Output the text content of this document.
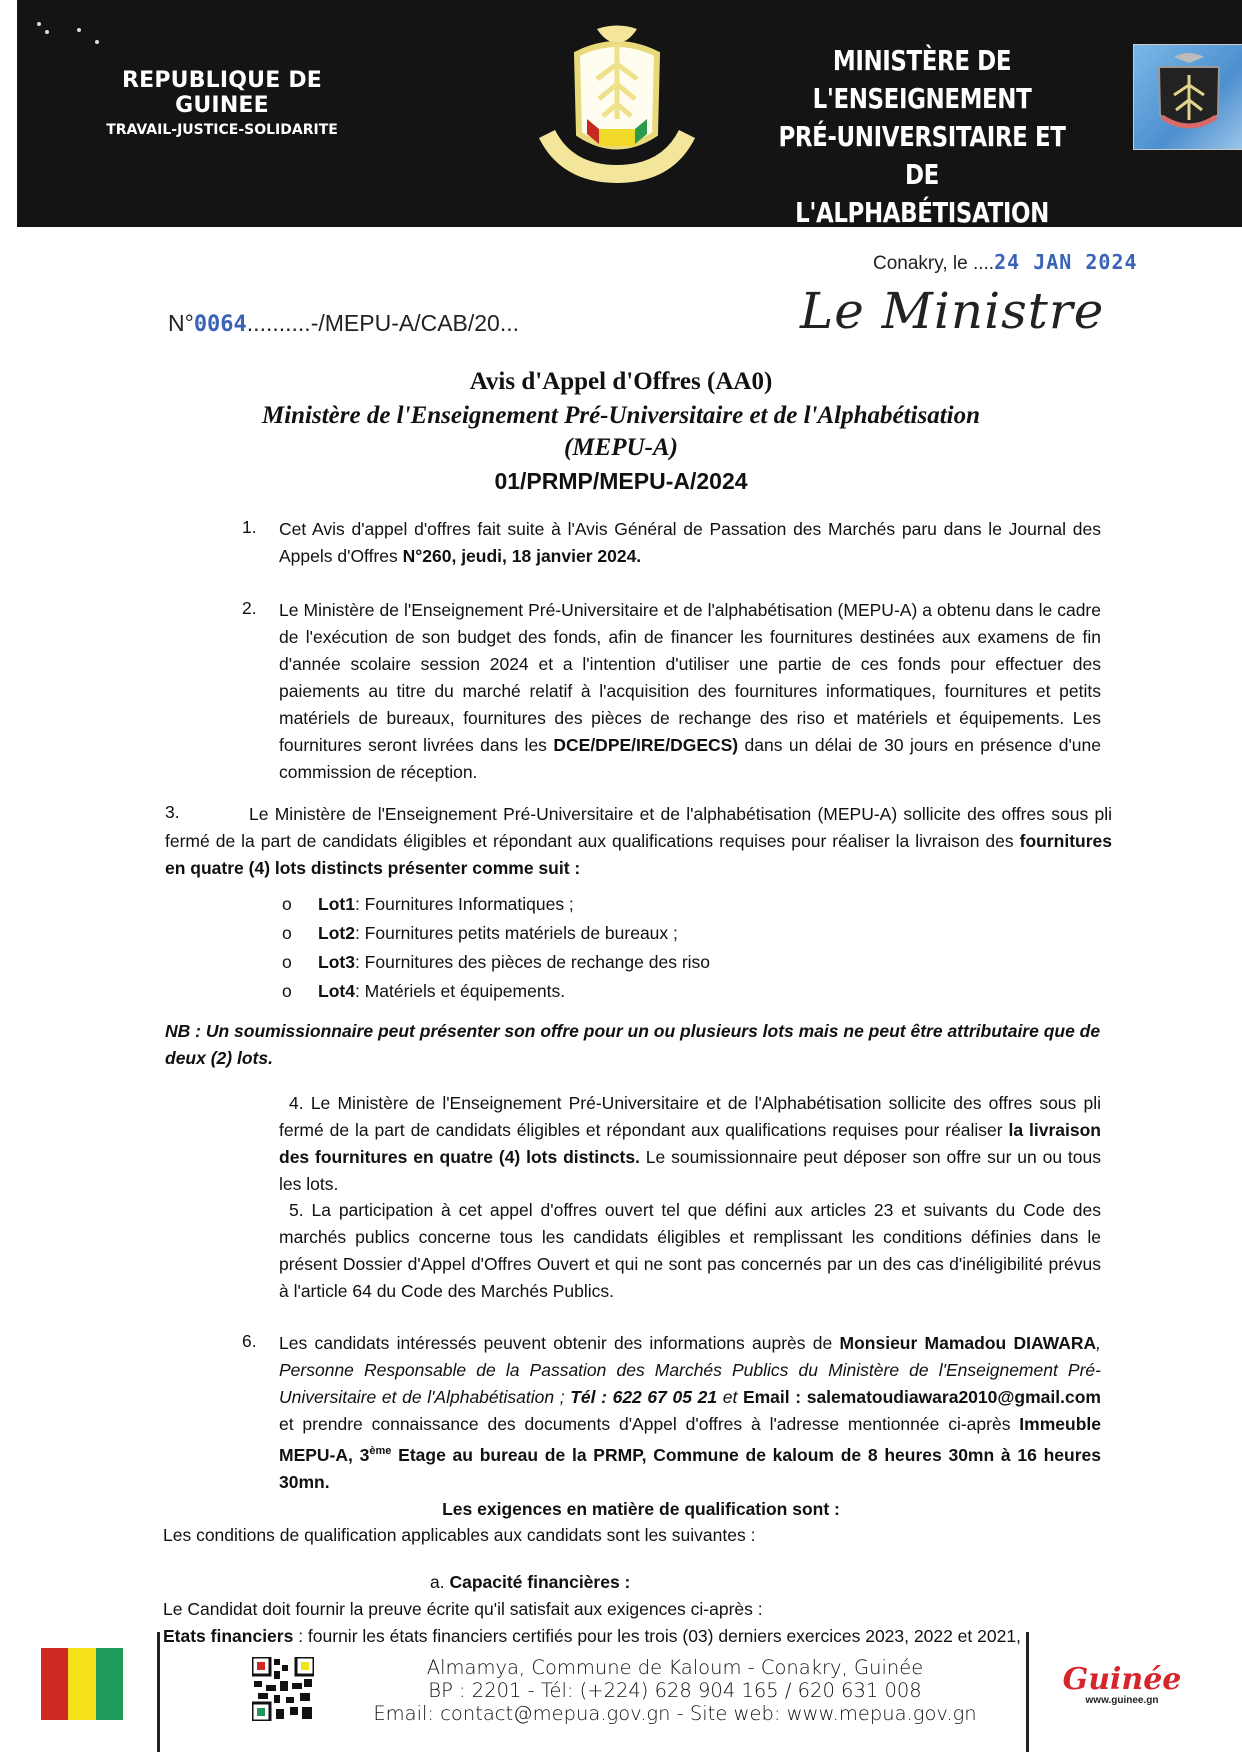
REPUBLIQUE DE GUINEE
TRAVAIL-JUSTICE-SOLIDARITE
MINISTÈRE DE L'ENSEIGNEMENT
PRÉ-UNIVERSITAIRE ET DE
L'ALPHABÉTISATION
Conakry, le ....24 JAN 2024
N°0064..........-/MEPU-A/CAB/20...	Le Ministre
Avis d'Appel d'Offres (AA0)
Ministère de l'Enseignement Pré-Universitaire et de l'Alphabétisation
(MEPU-A)
01/PRMP/MEPU-A/2024
1. Cet Avis d'appel d'offres fait suite à l'Avis Général de Passation des Marchés paru dans le Journal des Appels d'Offres N°260, jeudi, 18 janvier 2024.
2. Le Ministère de l'Enseignement Pré-Universitaire et de l'alphabétisation (MEPU-A) a obtenu dans le cadre de l'exécution de son budget des fonds, afin de financer les fournitures destinées aux examens de fin d'année scolaire session 2024 et a l'intention d'utiliser une partie de ces fonds pour effectuer des paiements au titre du marché relatif à l'acquisition des fournitures informatiques, fournitures et petits matériels de bureaux, fournitures des pièces de rechange des riso et matériels et équipements. Les fournitures seront livrées dans les DCE/DPE/IRE/DGECS) dans un délai de 30 jours en présence d'une commission de réception.
3.	Le Ministère de l'Enseignement Pré-Universitaire et de l'alphabétisation (MEPU-A) sollicite des offres sous pli fermé de la part de candidats éligibles et répondant aux qualifications requises pour réaliser la livraison des fournitures en quatre (4) lots distincts présenter comme suit :
o	Lot1 : Fournitures Informatiques ;
o	Lot2 : Fournitures petits matériels de bureaux ;
o	Lot3 : Fournitures des pièces de rechange des riso
o	Lot4 : Matériels et équipements.
NB : Un soumissionnaire peut présenter son offre pour un ou plusieurs lots mais ne peut être attributaire que de deux (2) lots.
4. Le Ministère de l'Enseignement Pré-Universitaire et de l'Alphabétisation sollicite des offres sous pli fermé de la part de candidats éligibles et répondant aux qualifications requises pour réaliser la livraison des fournitures en quatre (4) lots distincts. Le soumissionnaire peut déposer son offre sur un ou tous les lots.
5. La participation à cet appel d'offres ouvert tel que défini aux articles 23 et suivants du Code des marchés publics concerne tous les candidats éligibles et remplissant les conditions définies dans le présent Dossier d'Appel d'Offres Ouvert et qui ne sont pas concernés par un des cas d'inéligibilité prévus à l'article 64 du Code des Marchés Publics.
6. Les candidats intéressés peuvent obtenir des informations auprès de Monsieur Mamadou DIAWARA, Personne Responsable de la Passation des Marchés Publics du Ministère de l'Enseignement Pré-Universitaire et de l'Alphabétisation ; Tél : 622 67 05 21 et Email : salematoudiawara2010@gmail.com et prendre connaissance des documents d'Appel d'offres à l'adresse mentionnée ci-après Immeuble MEPU-A, 3ème Etage au bureau de la PRMP, Commune de kaloum de 8 heures 30mn à 16 heures 30mn.
Les exigences en matière de qualification sont :
Les conditions de qualification applicables aux candidats sont les suivantes :
a. Capacité financières :
Le Candidat doit fournir la preuve écrite qu'il satisfait aux exigences ci-après :
Etats financiers : fournir les états financiers certifiés pour les trois (03) derniers exercices 2023, 2022 et 2021,
Almamya, Commune de Kaloum - Conakry, Guinée
BP : 2201 - Tél: (+224) 628 904 165 / 620 631 008
Email: contact@mepua.gov.gn - Site web: www.mepua.gov.gn
Guinée
www.guinee.gn
